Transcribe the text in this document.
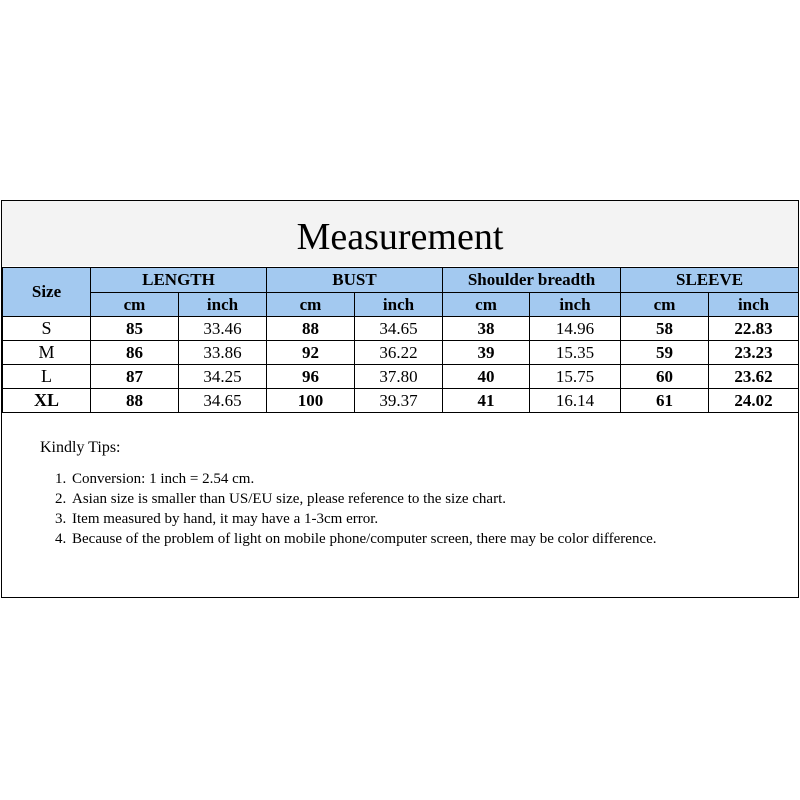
Measurement
Size	LENGTH		BUST		Shoulder breadth		SLEEVE	
	cm	inch	cm	inch	cm	inch	cm	inch
S	85	33.46	88	34.65	38	14.96	58	22.83
M	86	33.86	92	36.22	39	15.35	59	23.23
L	87	34.25	96	37.80	40	15.75	60	23.62
XL	88	34.65	100	39.37	41	16.14	61	24.02
Kindly Tips:
1. Conversion: 1 inch = 2.54 cm.
2. Asian size is smaller than US/EU size, please reference to the size chart.
3. Item measured by hand, it may have a 1-3cm error.
4. Because of the problem of light on mobile phone/computer screen, there may be color difference.
